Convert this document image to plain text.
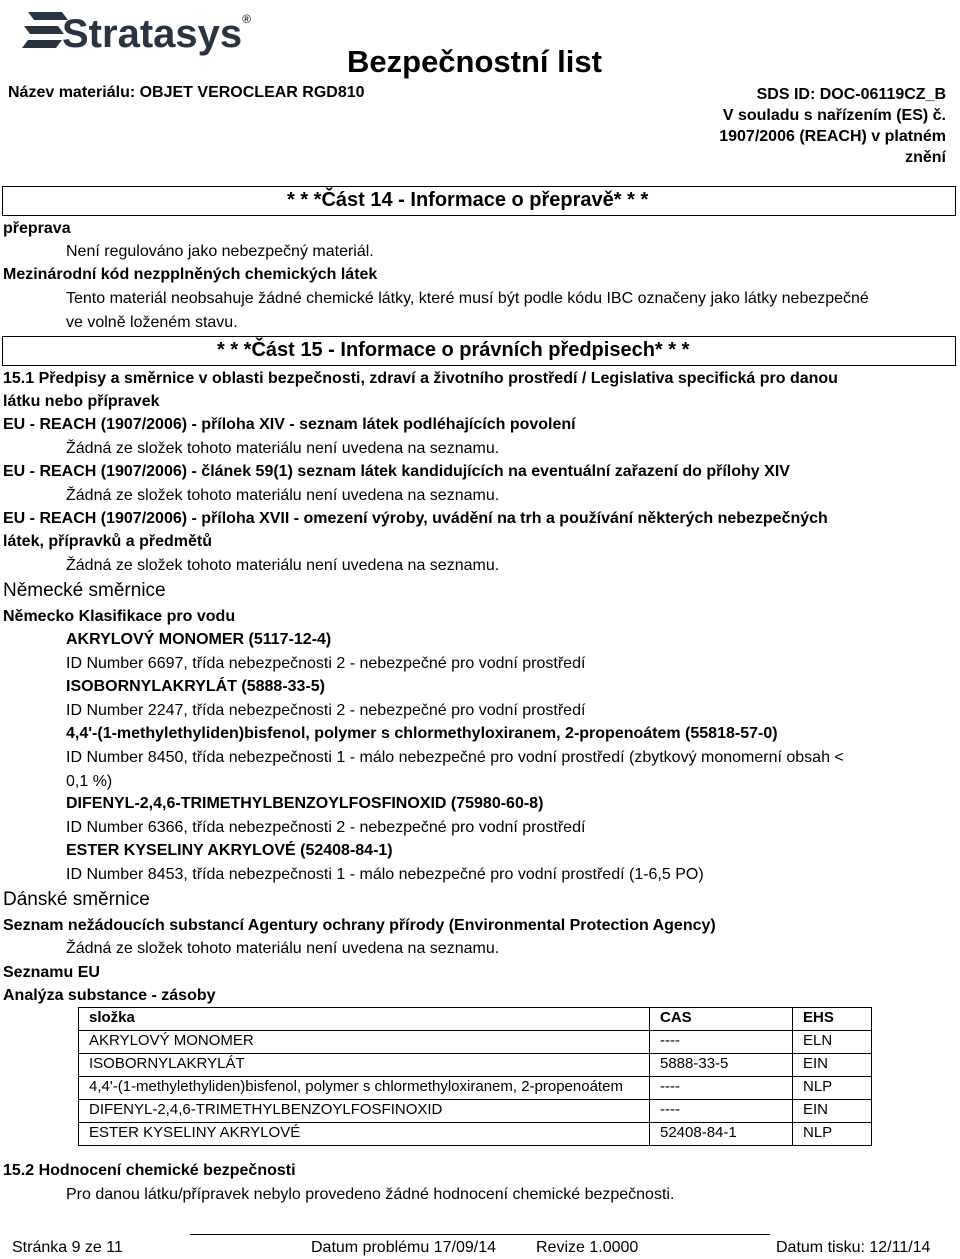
Stratasys®
Bezpečnostní list
Název materiálu: OBJET VEROCLEAR RGD810	SDS ID: DOC-06119CZ_B
V souladu s nařízením (ES) č.
1907/2006 (REACH) v platném
znění
* * *Část 14 - Informace o přepravě* * *
přeprava
Není regulováno jako nebezpečný materiál.
Mezinárodní kód nezpplněných chemických látek
Tento materiál neobsahuje žádné chemické látky, které musí být podle kódu IBC označeny jako látky nebezpečné
ve volně loženém stavu.
* * *Část 15 - Informace o právních předpisech* * *
15.1 Předpisy a směrnice v oblasti bezpečnosti, zdraví a životního prostředí / Legislativa specifická pro danou
látku nebo přípravek
EU - REACH (1907/2006) - příloha XIV - seznam látek podléhajících povolení
Žádná ze složek tohoto materiálu není uvedena na seznamu.
EU - REACH (1907/2006) - článek 59(1) seznam látek kandidujících na eventuální zařazení do přílohy XIV
Žádná ze složek tohoto materiálu není uvedena na seznamu.
EU - REACH (1907/2006) - příloha XVII - omezení výroby, uvádění na trh a používání některých nebezpečných
látek, přípravků a předmětů
Žádná ze složek tohoto materiálu není uvedena na seznamu.
Německé směrnice
Německo Klasifikace pro vodu
AKRYLOVÝ MONOMER (5117-12-4)
ID Number 6697, třída nebezpečnosti 2 - nebezpečné pro vodní prostředí
ISOBORNYLAKRYLÁT (5888-33-5)
ID Number 2247, třída nebezpečnosti 2 - nebezpečné pro vodní prostředí
4,4'-(1-methylethyliden)bisfenol, polymer s chlormethyloxiranem, 2-propenoátem (55818-57-0)
ID Number 8450, třída nebezpečnosti 1 - málo nebezpečné pro vodní prostředí (zbytkový monomerní obsah <
0,1 %)
DIFENYL-2,4,6-TRIMETHYLBENZOYLFOSFINOXID (75980-60-8)
ID Number 6366, třída nebezpečnosti 2 - nebezpečné pro vodní prostředí
ESTER KYSELINY AKRYLOVÉ (52408-84-1)
ID Number 8453, třída nebezpečnosti 1 - málo nebezpečné pro vodní prostředí (1-6,5 PO)
Dánské směrnice
Seznam nežádoucích substancí Agentury ochrany přírody (Environmental Protection Agency)
Žádná ze složek tohoto materiálu není uvedena na seznamu.
Seznamu EU
Analýza substance - zásoby
složka	CAS	EHS
AKRYLOVÝ MONOMER	----	ELN
ISOBORNYLAKRYLÁT	5888-33-5	EIN
4,4'-(1-methylethyliden)bisfenol, polymer s chlormethyloxiranem, 2-propenoátem	----	NLP
DIFENYL-2,4,6-TRIMETHYLBENZOYLFOSFINOXID	----	EIN
ESTER KYSELINY AKRYLOVÉ	52408-84-1	NLP
15.2 Hodnocení chemické bezpečnosti
Pro danou látku/přípravek nebylo provedeno žádné hodnocení chemické bezpečnosti.
Stránka 9 ze 11	Datum problému 17/09/14	Revize 1.0000	Datum tisku: 12/11/14
